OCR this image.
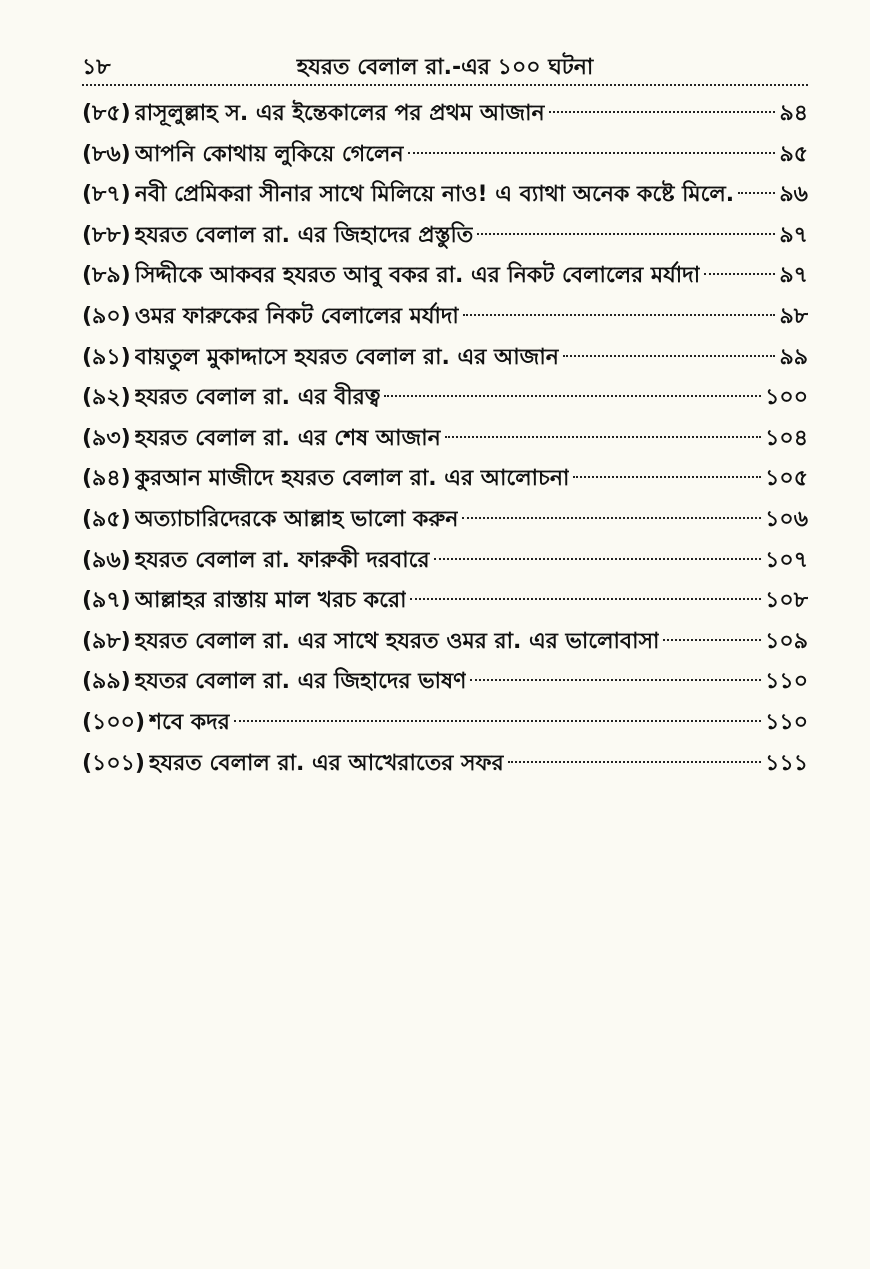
১৮	হযরত বেলাল রা.-এর ১০০ ঘটনা
(৮৫) রাসূলুল্লাহ স. এর ইন্তেকালের পর প্রথম আজান	৯৪
(৮৬) আপনি কোথায় লুকিয়ে গেলেন	৯৫
(৮৭) নবী প্রেমিকরা সীনার সাথে মিলিয়ে নাও! এ ব্যাথা অনেক কষ্টে মিলে. ৯৬
(৮৮) হযরত বেলাল রা. এর জিহাদের প্রস্তুতি	৯৭
(৮৯) সিদ্দীকে আকবর হযরত আবু বকর রা. এর নিকট বেলালের মর্যাদা	৯৭
(৯০) ওমর ফারুকের নিকট বেলালের মর্যাদা	৯৮
(৯১) বায়তুল মুকাদ্দাসে হযরত বেলাল রা. এর আজান	৯৯
(৯২) হযরত বেলাল রা. এর বীরত্ব	১০০
(৯৩) হযরত বেলাল রা. এর শেষ আজান	১০৪
(৯৪) কুরআন মাজীদে হযরত বেলাল রা. এর আলোচনা	১০৫
(৯৫) অত্যাচারিদেরকে আল্লাহ ভালো করুন	১০৬
(৯৬) হযরত বেলাল রা. ফারুকী দরবারে	১০৭
(৯৭) আল্লাহর রাস্তায় মাল খরচ করো	১০৮
(৯৮) হযরত বেলাল রা. এর সাথে হযরত ওমর রা. এর ভালোবাসা	১০৯
(৯৯) হযতর বেলাল রা. এর জিহাদের ভাষণ	১১০
(১০০) শবে কদর	১১০
(১০১) হযরত বেলাল রা. এর আখেরাতের সফর	১১১
